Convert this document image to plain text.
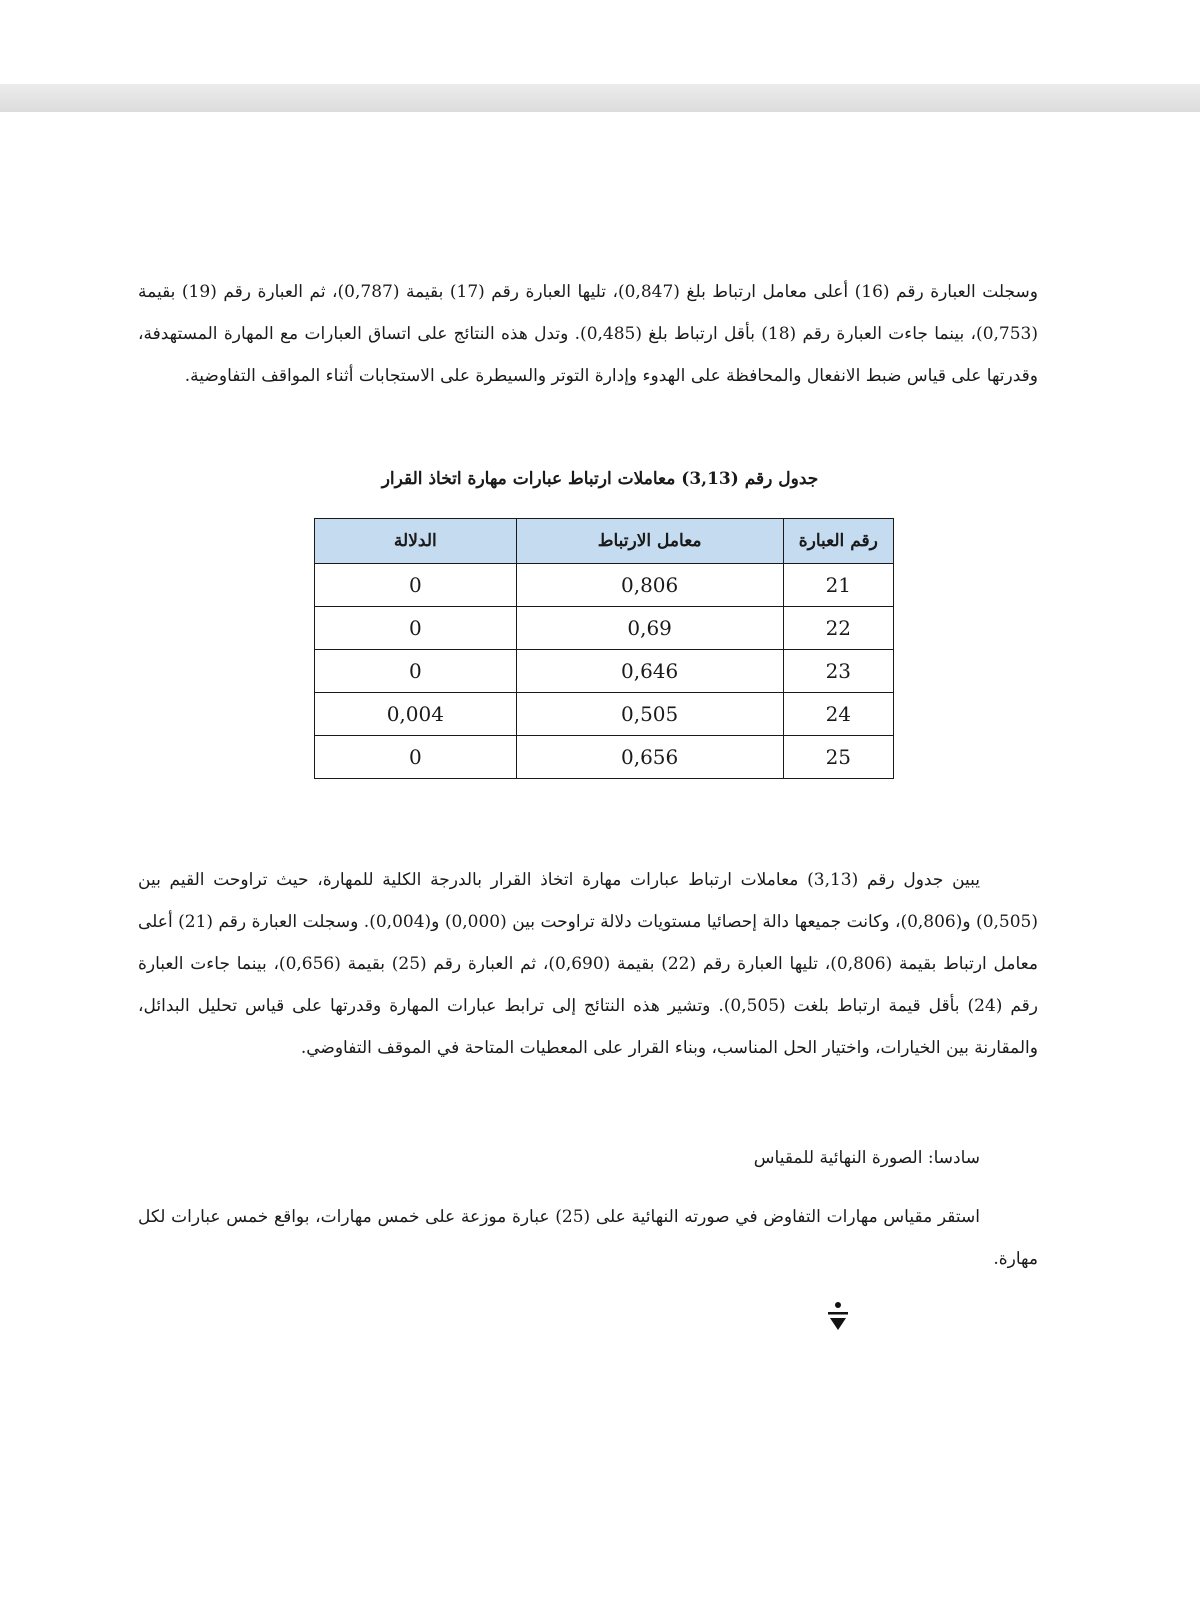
وسجلت العبارة رقم (16) أعلى معامل ارتباط بلغ (0,847)، تليها العبارة رقم (17) بقيمة (0,787)، ثم العبارة رقم (19) بقيمة (0,753)، بينما جاءت العبارة رقم (18) بأقل ارتباط بلغ (0,485). وتدل هذه النتائج على اتساق العبارات مع المهارة المستهدفة، وقدرتها على قياس ضبط الانفعال والمحافظة على الهدوء وإدارة التوتر والسيطرة على الاستجابات أثناء المواقف التفاوضية.

جدول رقم (3,13) معاملات ارتباط عبارات مهارة اتخاذ القرار
رقم العبارة	معامل الارتباط	الدلالة
21	0,806	0
22	0,69	0
23	0,646	0
24	0,505	0,004
25	0,656	0

يبين جدول رقم (3,13) معاملات ارتباط عبارات مهارة اتخاذ القرار بالدرجة الكلية للمهارة، حيث تراوحت القيم بين (0,505) و(0,806)، وكانت جميعها دالة إحصائيا مستويات دلالة تراوحت بين (0,000) و(0,004). وسجلت العبارة رقم (21) أعلى معامل ارتباط بقيمة (0,806)، تليها العبارة رقم (22) بقيمة (0,690)، ثم العبارة رقم (25) بقيمة (0,656)، بينما جاءت العبارة رقم (24) بأقل قيمة ارتباط بلغت (0,505). وتشير هذه النتائج إلى ترابط عبارات المهارة وقدرتها على قياس تحليل البدائل، والمقارنة بين الخيارات، واختيار الحل المناسب، وبناء القرار على المعطيات المتاحة في الموقف التفاوضي.

سادسا: الصورة النهائية للمقياس

استقر مقياس مهارات التفاوض في صورته النهائية على (25) عبارة موزعة على خمس مهارات، بواقع خمس عبارات لكل مهارة.
